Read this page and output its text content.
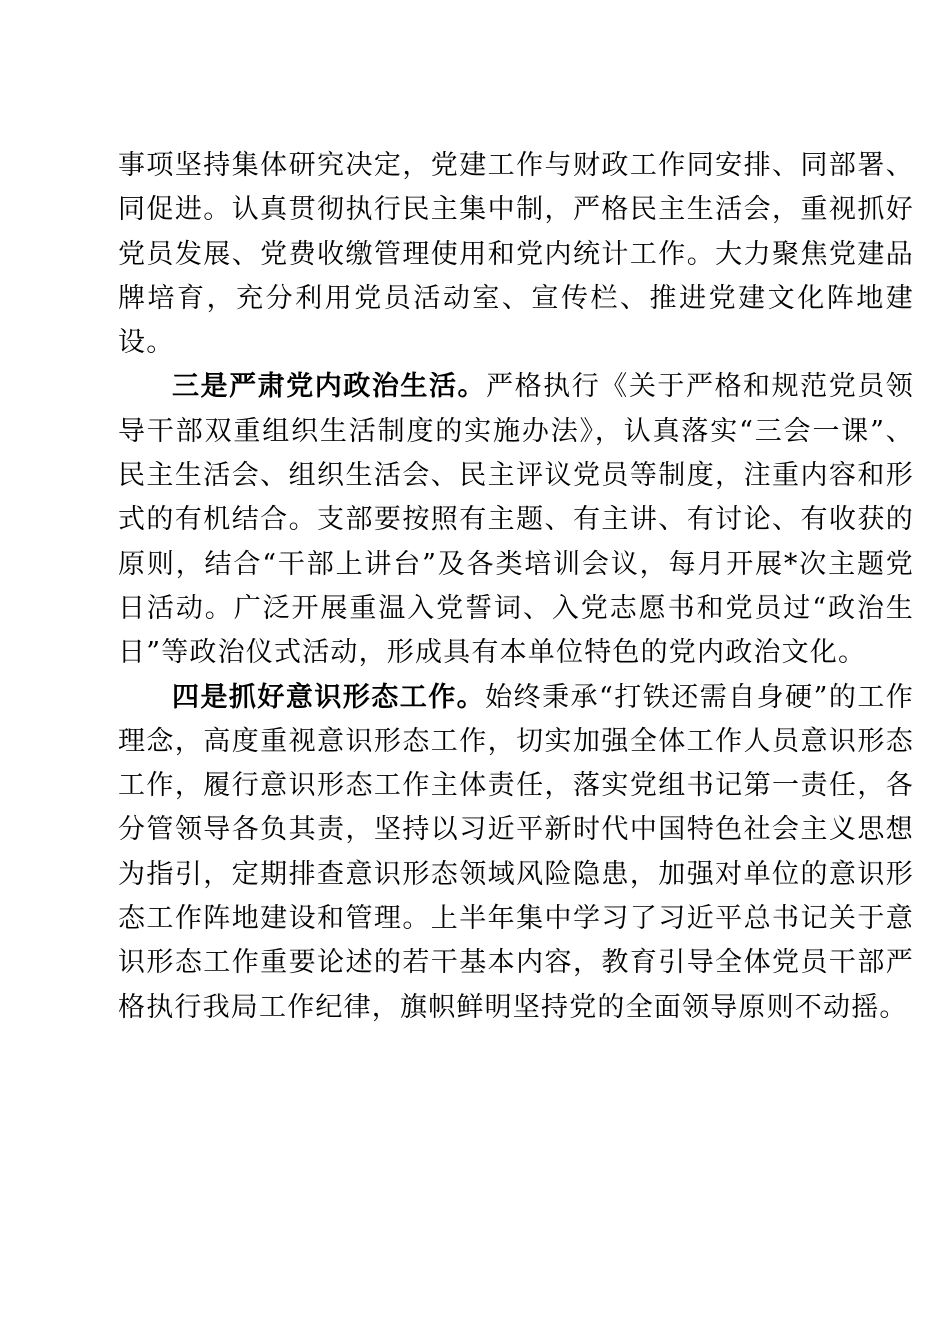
事项坚持集体研究决定，党建工作与财政工作同安排、同部署、同促进。认真贯彻执行民主集中制，严格民主生活会，重视抓好党员发展、党费收缴管理使用和党内统计工作。大力聚焦党建品牌培育，充分利用党员活动室、宣传栏、推进党建文化阵地建设。

三是严肃党内政治生活。严格执行《关于严格和规范党员领导干部双重组织生活制度的实施办法》，认真落实“三会一课”、民主生活会、组织生活会、民主评议党员等制度，注重内容和形式的有机结合。支部要按照有主题、有主讲、有讨论、有收获的原则，结合“干部上讲台”及各类培训会议，每月开展*次主题党日活动。广泛开展重温入党誓词、入党志愿书和党员过“政治生日”等政治仪式活动，形成具有本单位特色的党内政治文化。

四是抓好意识形态工作。始终秉承“打铁还需自身硬”的工作理念，高度重视意识形态工作，切实加强全体工作人员意识形态工作，履行意识形态工作主体责任，落实党组书记第一责任，各分管领导各负其责，坚持以习近平新时代中国特色社会主义思想为指引，定期排查意识形态领域风险隐患，加强对单位的意识形态工作阵地建设和管理。上半年集中学习了习近平总书记关于意识形态工作重要论述的若干基本内容，教育引导全体党员干部严格执行我局工作纪律，旗帜鲜明坚持党的全面领导原则不动摇。
